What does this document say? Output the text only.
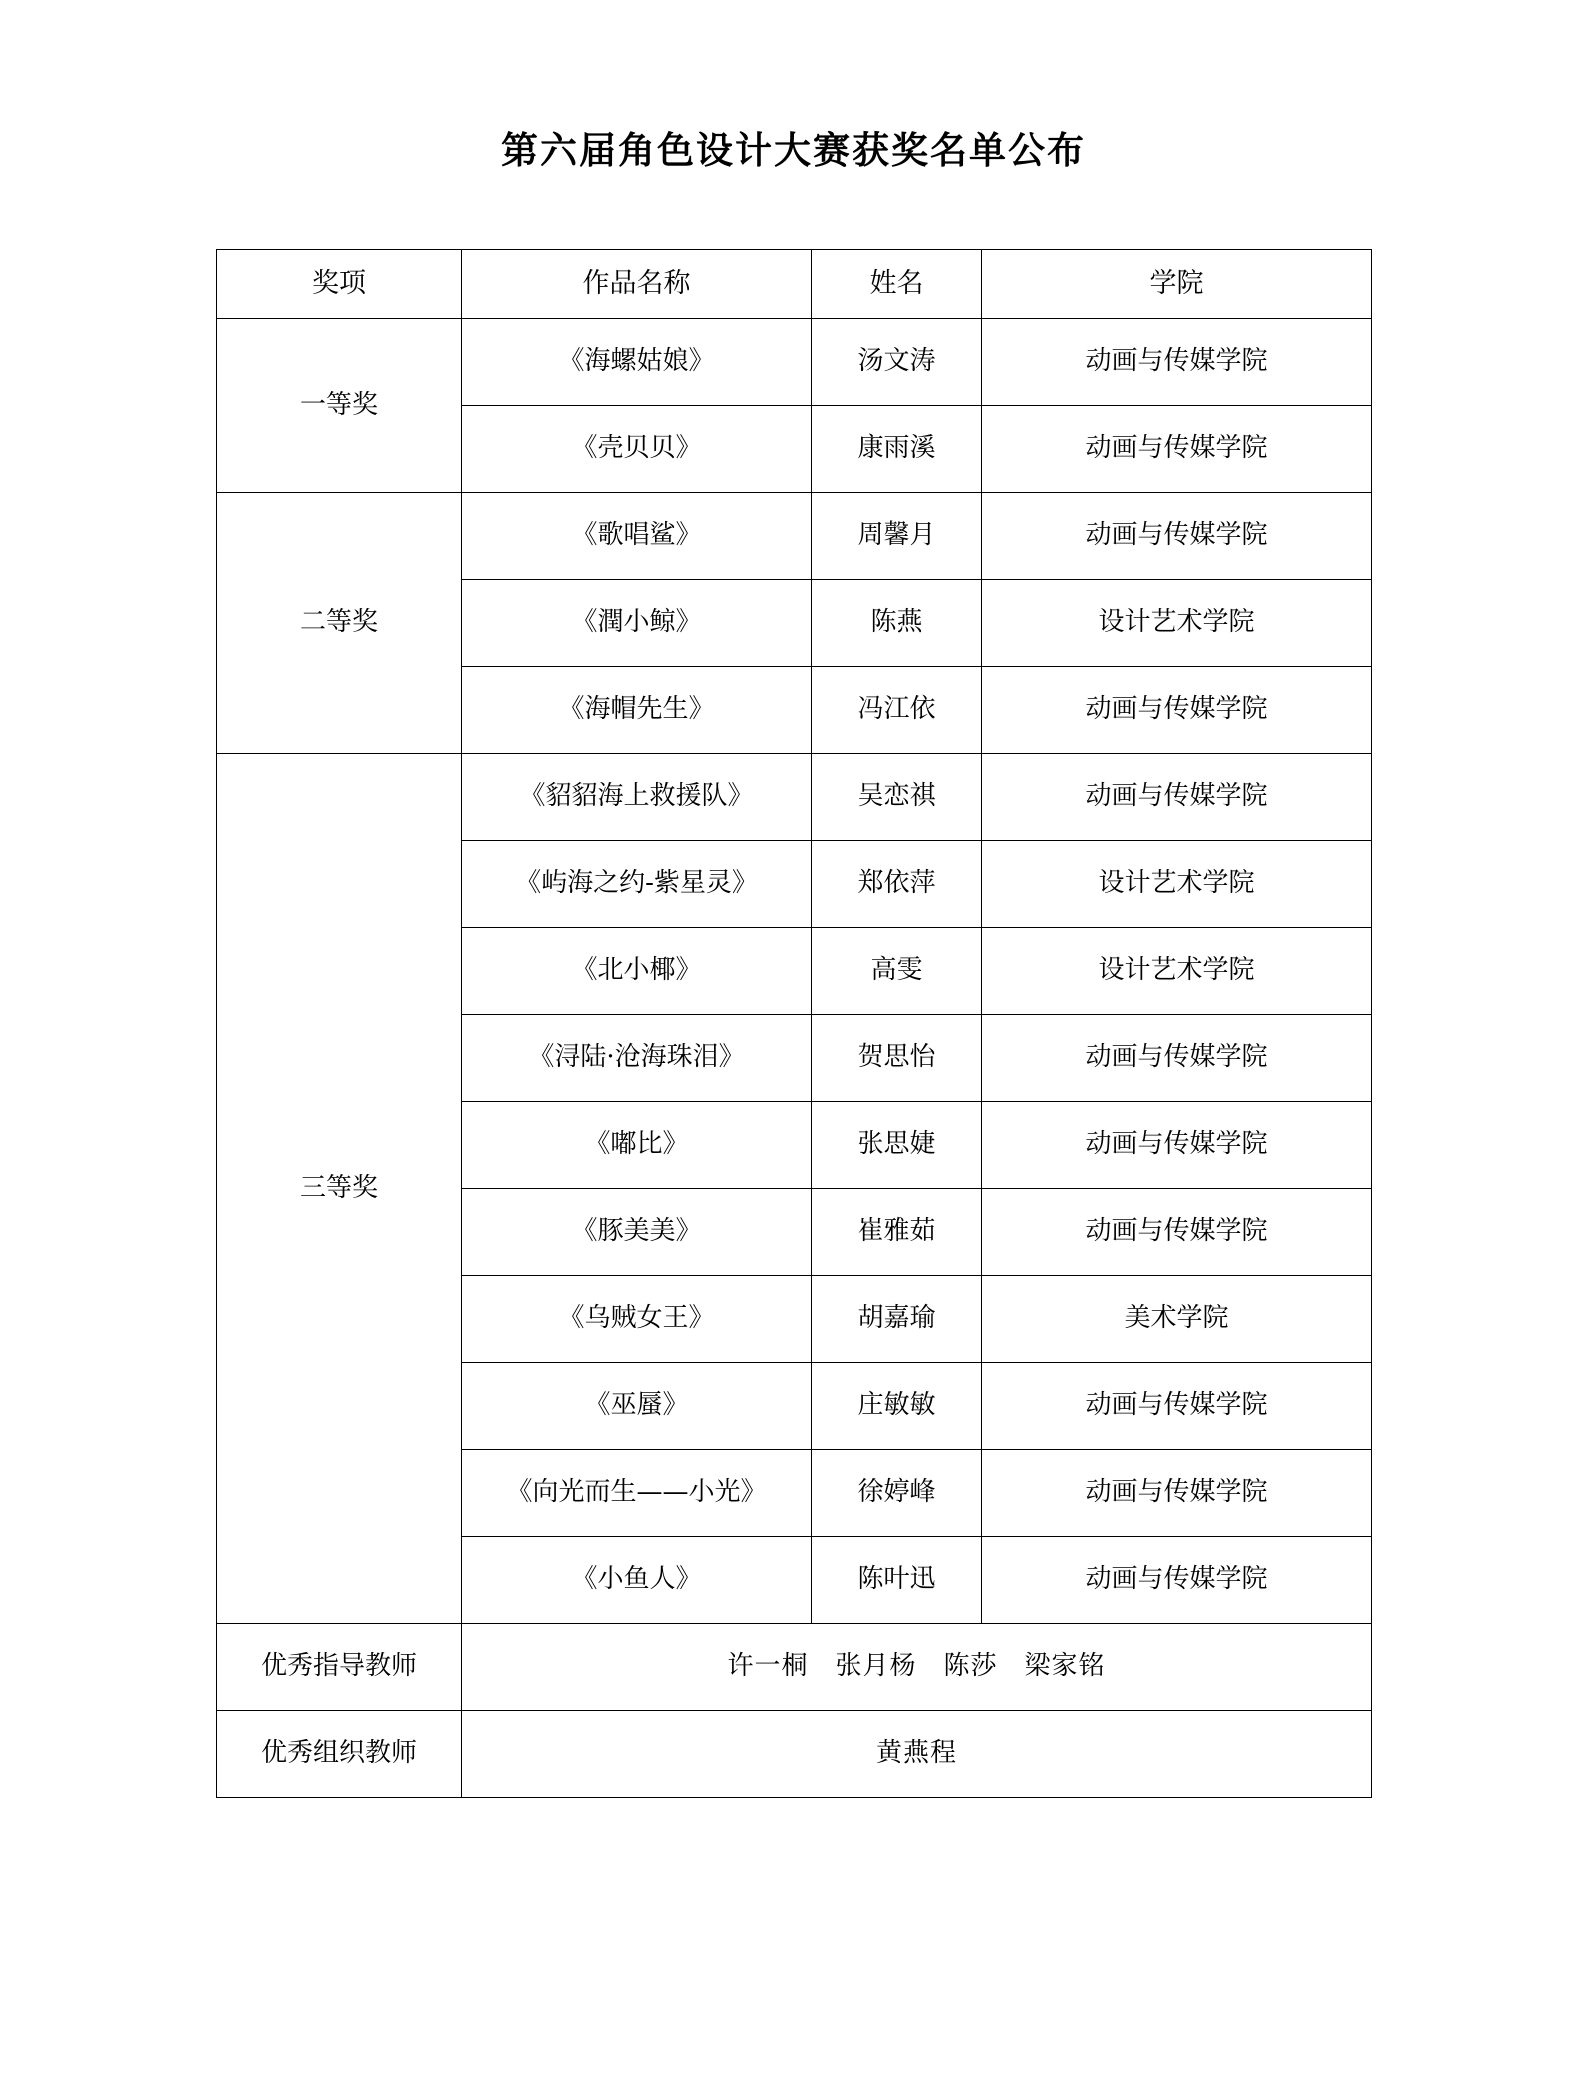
第六届角色设计大赛获奖名单公布
奖项	作品名称	姓名	学院
一等奖	《海螺姑娘》	汤文涛	动画与传媒学院
	《壳贝贝》	康雨溪	动画与传媒学院
二等奖	《歌唱鲨》	周馨月	动画与传媒学院
	《潤小鲸》	陈燕	设计艺术学院
	《海帽先生》	冯江依	动画与传媒学院
三等奖	《貂貂海上救援队》	吴恋祺	动画与传媒学院
	《屿海之约-紫星灵》	郑依萍	设计艺术学院
	《北小椰》	高雯	设计艺术学院
	《浔陆·沧海珠泪》	贺思怡	动画与传媒学院
	《嘟比》	张思婕	动画与传媒学院
	《豚美美》	崔雅茹	动画与传媒学院
	《乌贼女王》	胡嘉瑜	美术学院
	《巫蜃》	庄敏敏	动画与传媒学院
	《向光而生——小光》	徐婷峰	动画与传媒学院
	《小鱼人》	陈叶迅	动画与传媒学院
优秀指导教师	许一桐　张月杨　陈莎　梁家铭		
优秀组织教师	黄燕程		
